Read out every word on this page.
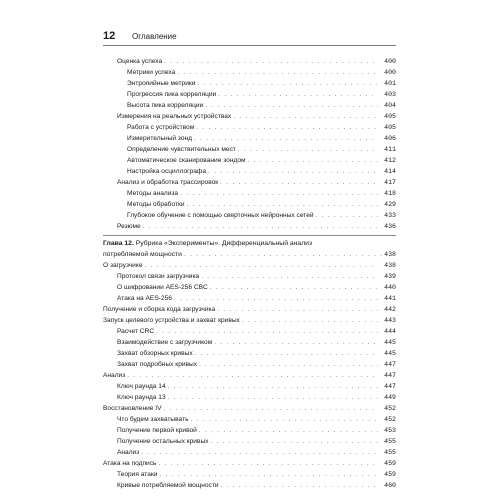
12 Оглавление
Оценка успеха . . .	400
Метрики успеха . . .	400
Энтропийные метрики . . .	401
Прогрессия пика корреляции . . .	403
Высота пика корреляции . . .	404
Измерения на реальных устройствах . . .	405
Работа с устройством . . .	405
Измерительный зонд . . .	406
Определение чувствительных мест . . .	411
Автоматическое сканирование зондом . . .	412
Настройка осциллографа . . .	414
Анализ и обработка трассировок . . .	417
Методы анализа . . .	418
Методы обработки . . .	429
Глубокое обучение с помощью сверточных нейронных сетей . . .	433
Резюме . . .	436
Глава 12. Рубрика «Эксперименты». Дифференциальный анализ
потребляемой мощности . . .	438
О загрузчике . . .	438
Протокол связи загрузчика . . .	439
О шифровании AES-256 CBC . . .	440
Атака на AES-256 . . .	441
Получение и сборка кода загрузчика . . .	442
Запуск целевого устройства и захват кривых . . .	443
Расчет CRC . . .	444
Взаимодействие с загрузчиком . . .	445
Захват обзорных кривых . . .	445
Захват подробных кривых . . .	447
Анализ . . .	447
Ключ раунда 14 . . .	447
Ключ раунда 13 . . .	449
Восстановление IV . . .	452
Что будем захватывать . . .	452
Получение первой кривой . . .	453
Получение остальных кривых . . .	455
Анализ . . .	455
Атака на подпись . . .	459
Теория атаки . . .	459
Кривые потребляемой мощности . . .	460
